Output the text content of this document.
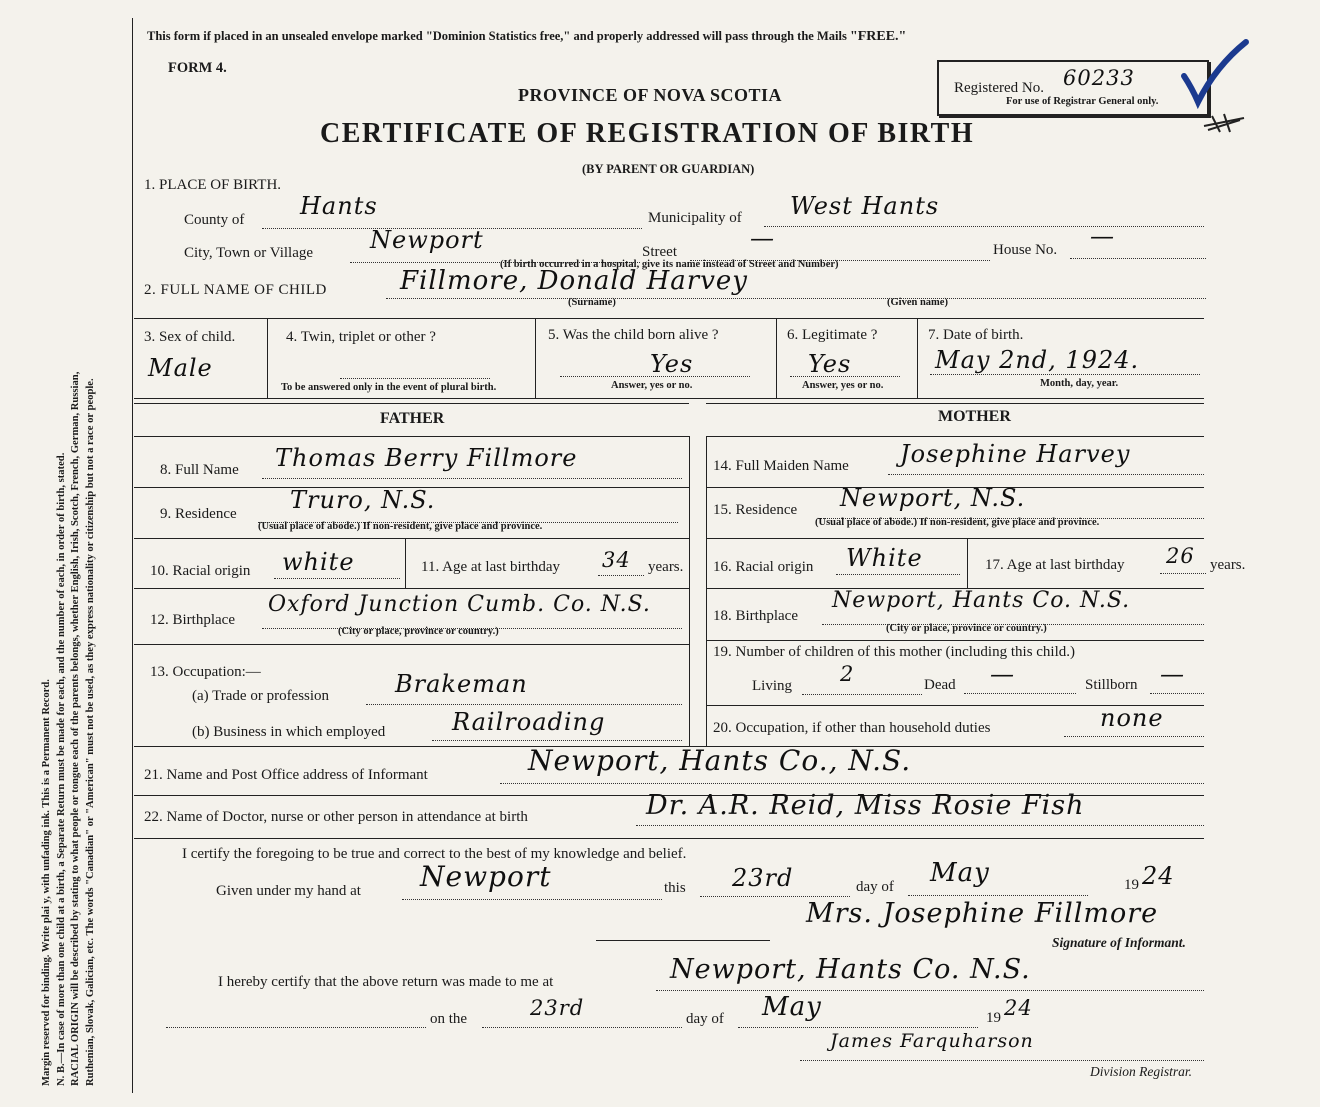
Margin reserved for binding. Write plai y, with unfading ink. This is a Permanent Record. N. B.—In case of more than one child at a birth, a Separate Return must be made for each, and the number of each, in order of birth, stated. RACIAL ORIGIN will be described by stating to what people or tongue each of the parents belongs, whether English, Irish, Scotch, French, German, Russian, Ruthenian, Slovak, Galician, etc. The words "Canadian" or "American" must not be used, as they express nationality or citizenship but not a race or people.
This form if placed in an unsealed envelope marked "Dominion Statistics free," and properly addressed will pass through the Mails "FREE."
FORM 4.
PROVINCE OF NOVA SCOTIA
CERTIFICATE OF REGISTRATION OF BIRTH
(BY PARENT OR GUARDIAN)
Registered No. 60233
For use of Registrar General only.
1. PLACE OF BIRTH.
County of Hants	Municipality of West Hants
City, Town or Village Newport	Street	—	House No. —
(If birth occurred in a hospital, give its name instead of Street and Number)
2. FULL NAME OF CHILD	Fillmore, Donald Harvey
(Surname)	(Given name)
3. Sex of child.
Male
4. Twin, triplet or other ?
To be answered only in the event of plural birth.
5. Was the child born alive ?
Yes
Answer, yes or no.
6. Legitimate ?
Yes
Answer, yes or no.
7. Date of birth.
May 2nd, 1924.
Month, day, year.
FATHER	MOTHER
8. Full Name Thomas Berry Fillmore
9. Residence Truro, N.S.
(Usual place of abode.) If non-resident, give place and province.
10. Racial origin white	11. Age at last birthday 34 years.
12. Birthplace
Oxford Junction Cumb. Co. N.S.
(City or place, province or country.)
13. Occupation:—
(a) Trade or profession	Brakeman
(b) Business in which employed	Railroading
14. Full Maiden Name Josephine Harvey
15. Residence Newport, N.S.
(Usual place of abode.) If non-resident, give place and province.
16. Racial origin White	17. Age at last birthday 26 years.
18. Birthplace
Newport, Hants Co. N.S.
(City or place, province or country.)
19. Number of children of this mother (including this child.)
Living 2	Dead —	Stillborn —
20. Occupation, if other than household duties	none
21. Name and Post Office address of Informant	Newport, Hants Co., N.S.
22. Name of Doctor, nurse or other person in attendance at birth	Dr. A.R. Reid, Miss Rosie Fish
I certify the foregoing to be true and correct to the best of my knowledge and belief.
Given under my hand at Newport	this 23rd	day of May	19 24
Mrs. Josephine Fillmore
Signature of Informant.
I hereby certify that the above return was made to me at	Newport, Hants Co. N.S.
on the	23rd	day of May	19 24
James Farquharson
Division Registrar.
